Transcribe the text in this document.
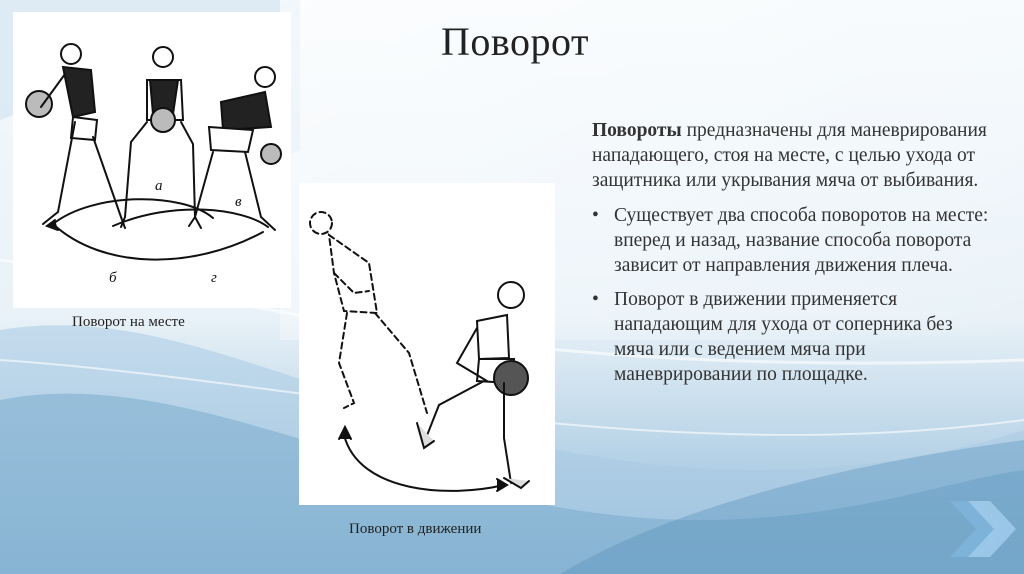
Поворот
а
в
б	г
Поворот на месте
Поворот в движении
Повороты предназначены для маневрирования нападающего, стоя на месте, с целью ухода от защитника или укрывания мяча от выбивания.
• Существует два способа поворотов на месте: вперед и назад, название способа поворота зависит от направления движения плеча.
• Поворот в движении применяется нападающим для ухода от соперника без мяча или с ведением мяча при маневрировании по площадке.
